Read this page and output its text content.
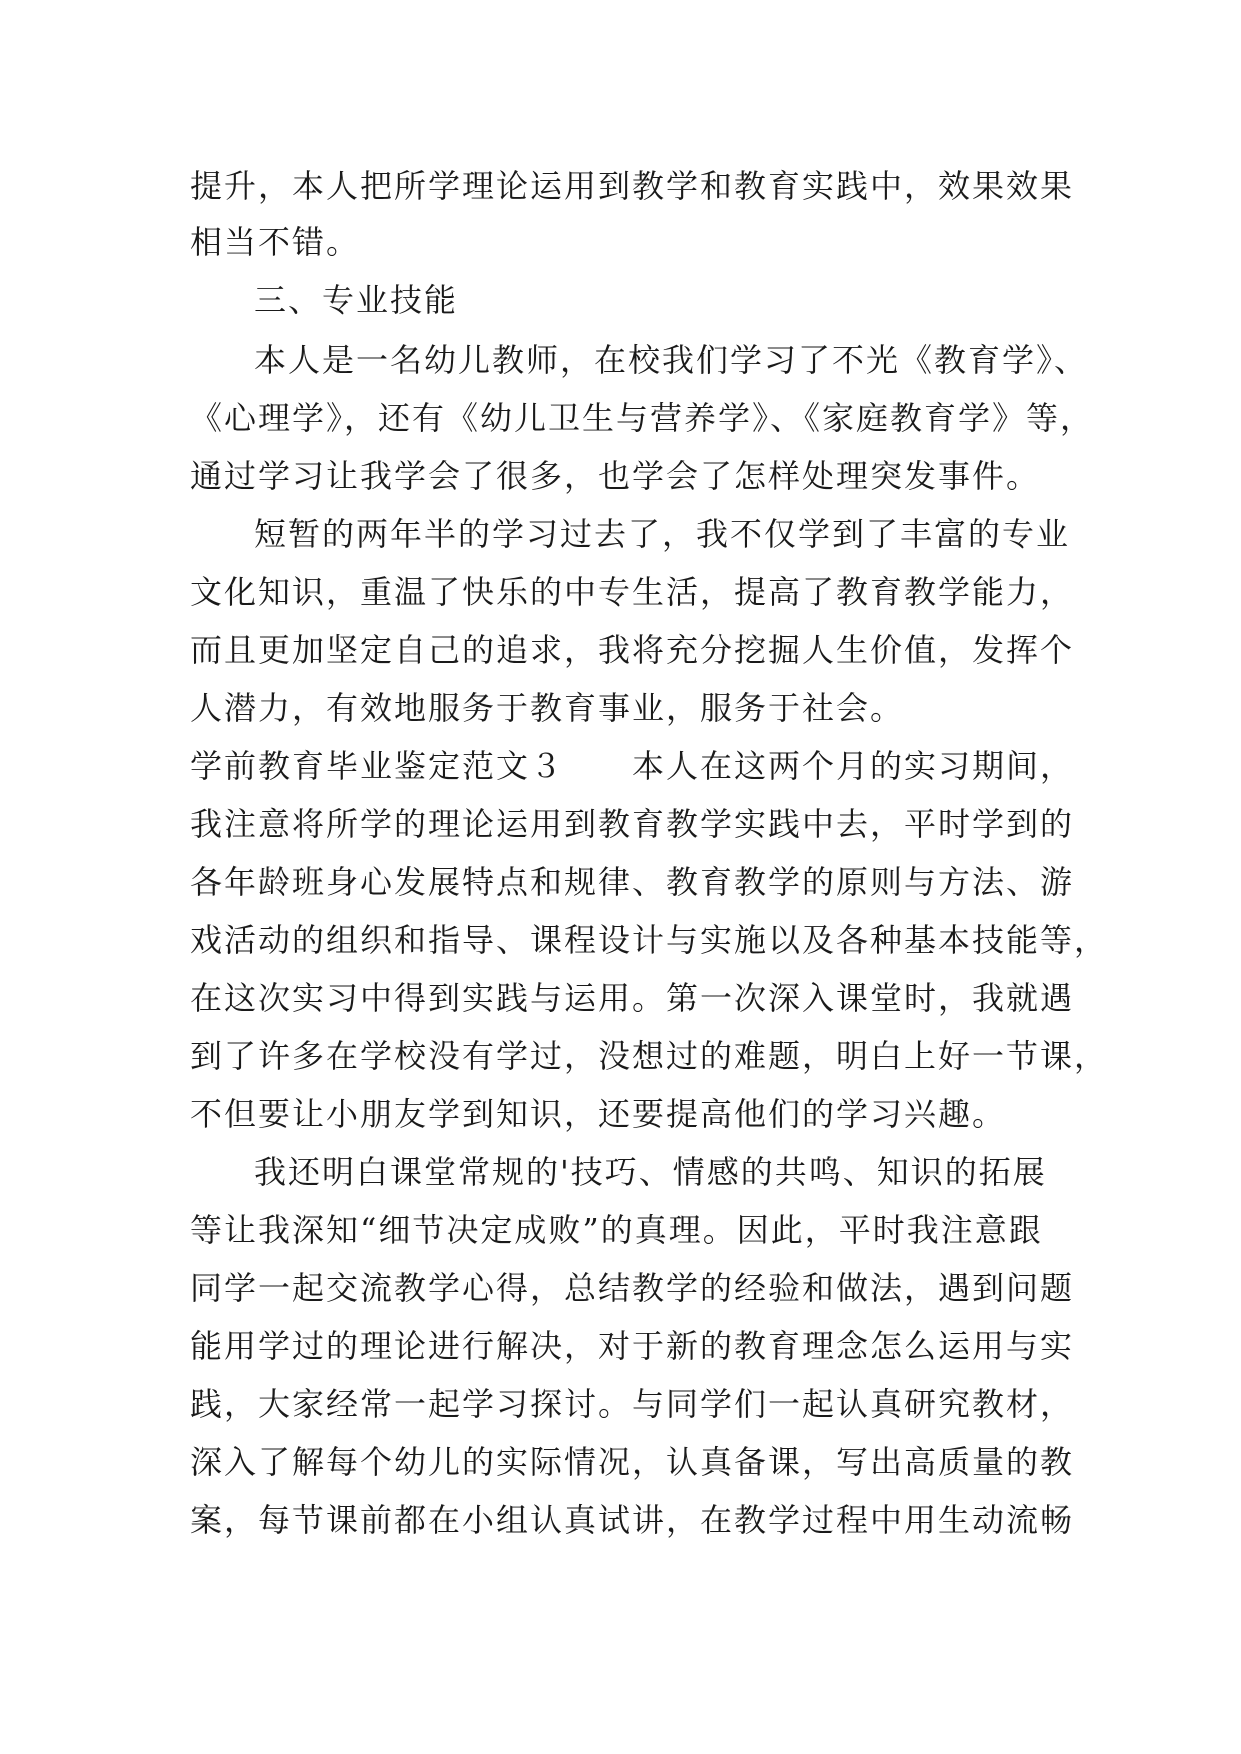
提升，本人把所学理论运用到教学和教育实践中，效果效果
相当不错。
三、专业技能
本人是一名幼儿教师，在校我们学习了不光《教育学》、
《心理学》，还有《幼儿卫生与营养学》、《家庭教育学》等，
通过学习让我学会了很多，也学会了怎样处理突发事件。
短暂的两年半的学习过去了，我不仅学到了丰富的专业
文化知识，重温了快乐的中专生活，提高了教育教学能力，
而且更加坚定自己的追求，我将充分挖掘人生价值，发挥个
人潜力，有效地服务于教育事业，服务于社会。
学前教育毕业鉴定范文３　　本人在这两个月的实习期间，
我注意将所学的理论运用到教育教学实践中去，平时学到的
各年龄班身心发展特点和规律、教育教学的原则与方法、游
戏活动的组织和指导、课程设计与实施以及各种基本技能等，
在这次实习中得到实践与运用。第一次深入课堂时，我就遇
到了许多在学校没有学过，没想过的难题，明白上好一节课，
不但要让小朋友学到知识，还要提高他们的学习兴趣。
我还明白课堂常规的'技巧、情感的共鸣、知识的拓展
等让我深知“细节决定成败”的真理。因此，平时我注意跟
同学一起交流教学心得，总结教学的经验和做法，遇到问题
能用学过的理论进行解决，对于新的教育理念怎么运用与实
践，大家经常一起学习探讨。与同学们一起认真研究教材，
深入了解每个幼儿的实际情况，认真备课，写出高质量的教
案，每节课前都在小组认真试讲，在教学过程中用生动流畅
